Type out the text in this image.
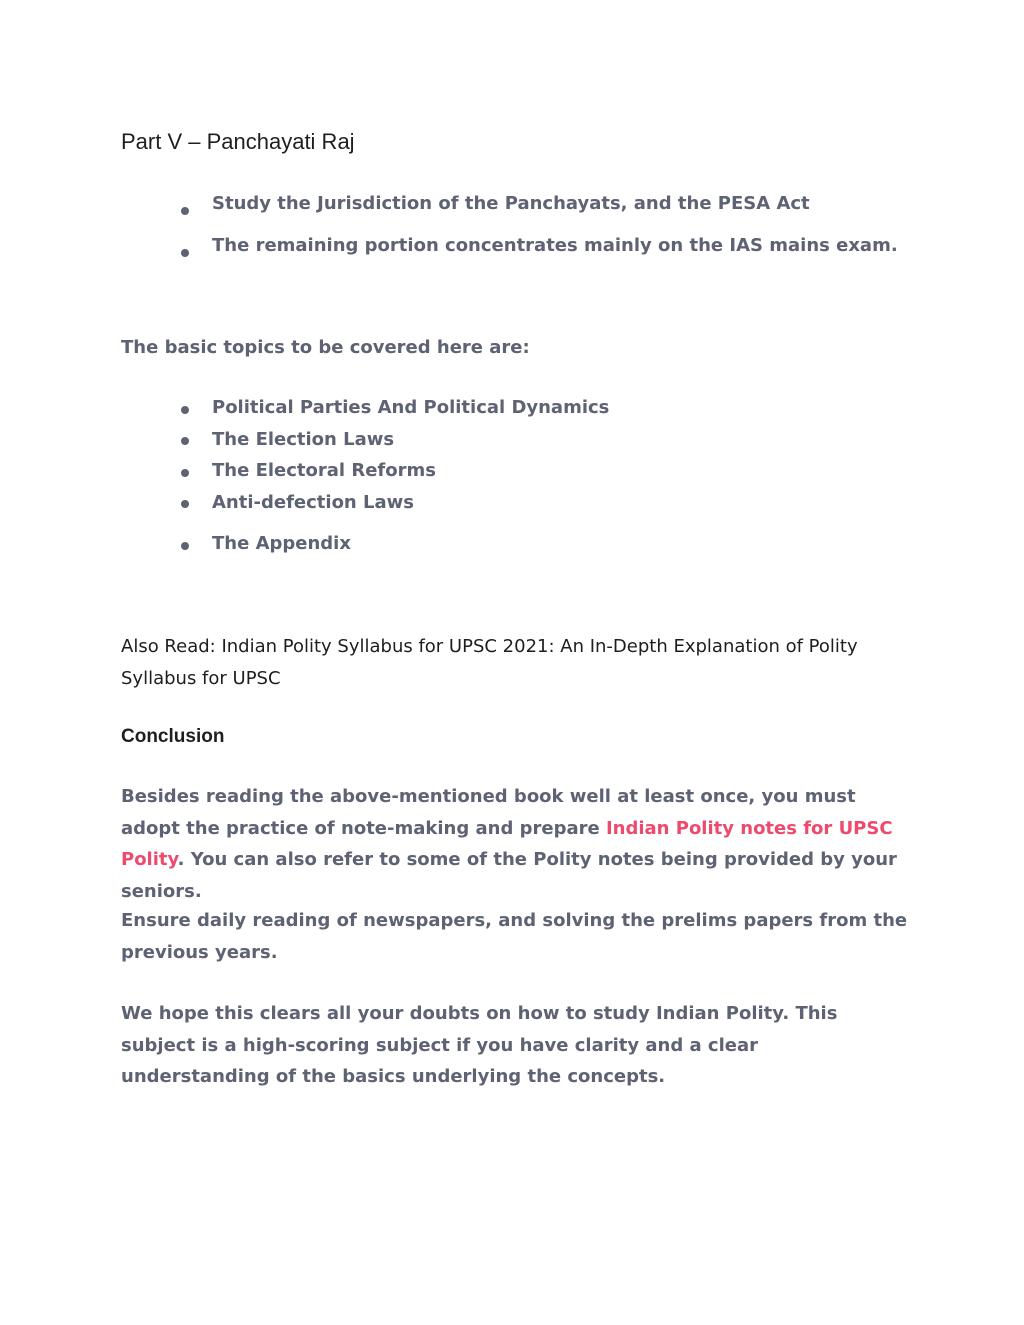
Part V – Panchayati Raj
Study the Jurisdiction of the Panchayats, and the PESA Act
The remaining portion concentrates mainly on the IAS mains exam.

The basic topics to be covered here are:

Political Parties And Political Dynamics
The Election Laws
The Electoral Reforms
Anti-defection Laws
The Appendix

Also Read: Indian Polity Syllabus for UPSC 2021: An In-Depth Explanation of Polity Syllabus for UPSC

Conclusion

Besides reading the above-mentioned book well at least once, you must adopt the practice of note-making and prepare Indian Polity notes for UPSC Polity. You can also refer to some of the Polity notes being provided by your seniors.

Ensure daily reading of newspapers, and solving the prelims papers from the previous years.

We hope this clears all your doubts on how to study Indian Polity. This subject is a high-scoring subject if you have clarity and a clear understanding of the basics underlying the concepts.
